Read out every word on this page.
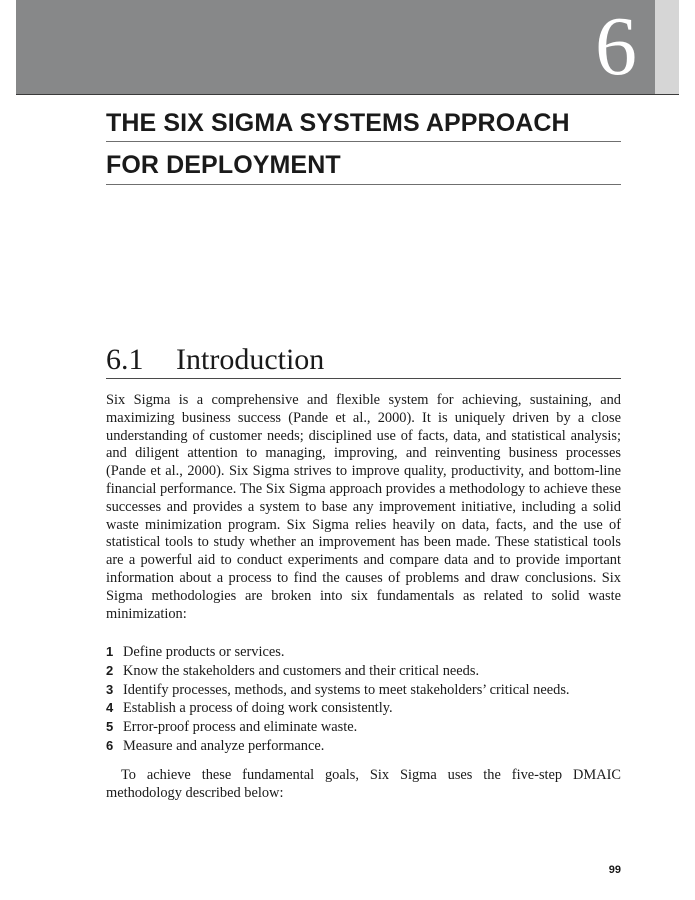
6
THE SIX SIGMA SYSTEMS APPROACH
FOR DEPLOYMENT
6.1 Introduction

Six Sigma is a comprehensive and flexible system for achieving, sustaining, and maximizing business success (Pande et al., 2000). It is uniquely driven by a close understanding of customer needs; disciplined use of facts, data, and statistical analysis; and diligent attention to managing, improving, and reinventing business processes (Pande et al., 2000). Six Sigma strives to improve quality, productivity, and bottom-line financial performance. The Six Sigma approach provides a methodology to achieve these successes and provides a system to base any improvement initiative, including a solid waste minimization program. Six Sigma relies heavily on data, facts, and the use of statistical tools to study whether an improvement has been made. These statistical tools are a powerful aid to conduct experiments and compare data and to provide important information about a process to find the causes of problems and draw conclusions. Six Sigma methodologies are broken into six fundamentals as related to solid waste minimization:

1 Define products or services.
2 Know the stakeholders and customers and their critical needs.
3 Identify processes, methods, and systems to meet stakeholders’ critical needs.
4 Establish a process of doing work consistently.
5 Error-proof process and eliminate waste.
6 Measure and analyze performance.

To achieve these fundamental goals, Six Sigma uses the five-step DMAIC methodology described below:

99
